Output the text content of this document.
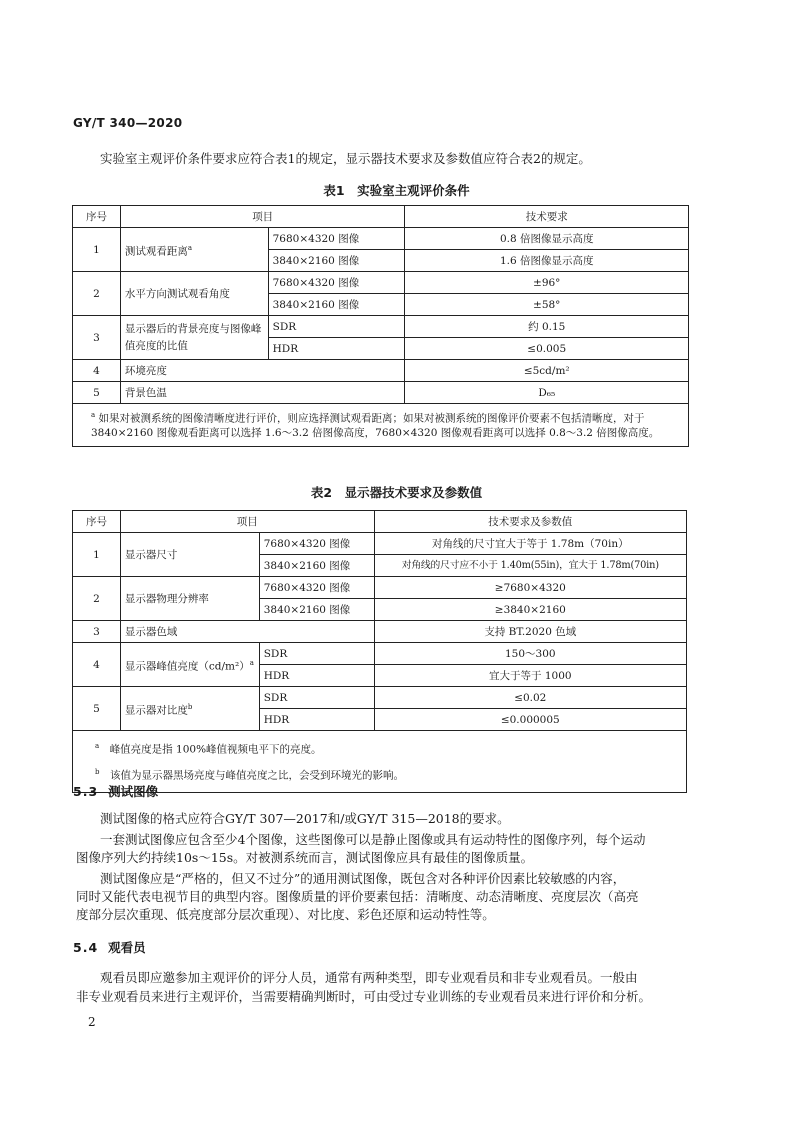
GY/T 340—2020
实验室主观评价条件要求应符合表1的规定，显示器技术要求及参数值应符合表2的规定。
表1　实验室主观评价条件
序号	项目		技术要求
1	测试观看距离$^a$	7680×4320 图像	0.8 倍图像显示高度
		3840×2160 图像	1.6 倍图像显示高度
2	水平方向测试观看角度	7680×4320 图像	±96°
		3840×2160 图像	±58°
3	显示器后的背景亮度与图像峰值亮度的比值	SDR	约 0.15
		HDR	≤0.005
4	环境亮度		≤5cd/m²
5	背景色温		D₆₅
$^a$ 如果对被测系统的图像清晰度进行评价，则应选择测试观看距离；如果对被测系统的图像评价要素不包括清晰度，对于 3840×2160 图像观看距离可以选择 1.6～3.2 倍图像高度，7680×4320 图像观看距离可以选择 0.8～3.2 倍图像高度。			
表2　显示器技术要求及参数值
序号	项目		技术要求及参数值
1	显示器尺寸	7680×4320 图像	对角线的尺寸宜大于等于 1.78m（70in）
		3840×2160 图像	对角线的尺寸应不小于 1.40m(55in)，宜大于 1.78m(70in)
2	显示器物理分辨率	7680×4320 图像	≥7680×4320
		3840×2160 图像	≥3840×2160
3	显示器色域		支持 BT.2020 色域
4	显示器峰值亮度$(cd/m^2)^a$	SDR	150～300
		HDR	宜大于等于 1000
5	显示器对比度$^b$	SDR	≤0.02
		HDR	≤0.000005

$^a$　 峰值亮度是指 100%峰值视频电平下的亮度。
$^b$　 该值为显示器黑场亮度与峰值亮度之比，会受到环境光的影响。			
5.3 测试图像
测试图像的格式应符合GY/T 307—2017和/或GY/T 315—2018的要求。
一套测试图像应包含至少4个图像，这些图像可以是静止图像或具有运动特性的图像序列，每个运动
图像序列大约持续10s～15s。对被测系统而言，测试图像应具有最佳的图像质量。
测试图像应是“严格的，但又不过分”的通用测试图像，既包含对各种评价因素比较敏感的内容，
同时又能代表电视节目的典型内容。图像质量的评价要素包括：清晰度、动态清晰度、亮度层次（高亮
度部分层次重现、低亮度部分层次重现）、对比度、彩色还原和运动特性等。
5.4 观看员
观看员即应邀参加主观评价的评分人员，通常有两种类型，即专业观看员和非专业观看员。一般由
非专业观看员来进行主观评价，当需要精确判断时，可由受过专业训练的专业观看员来进行评价和分析。
2
